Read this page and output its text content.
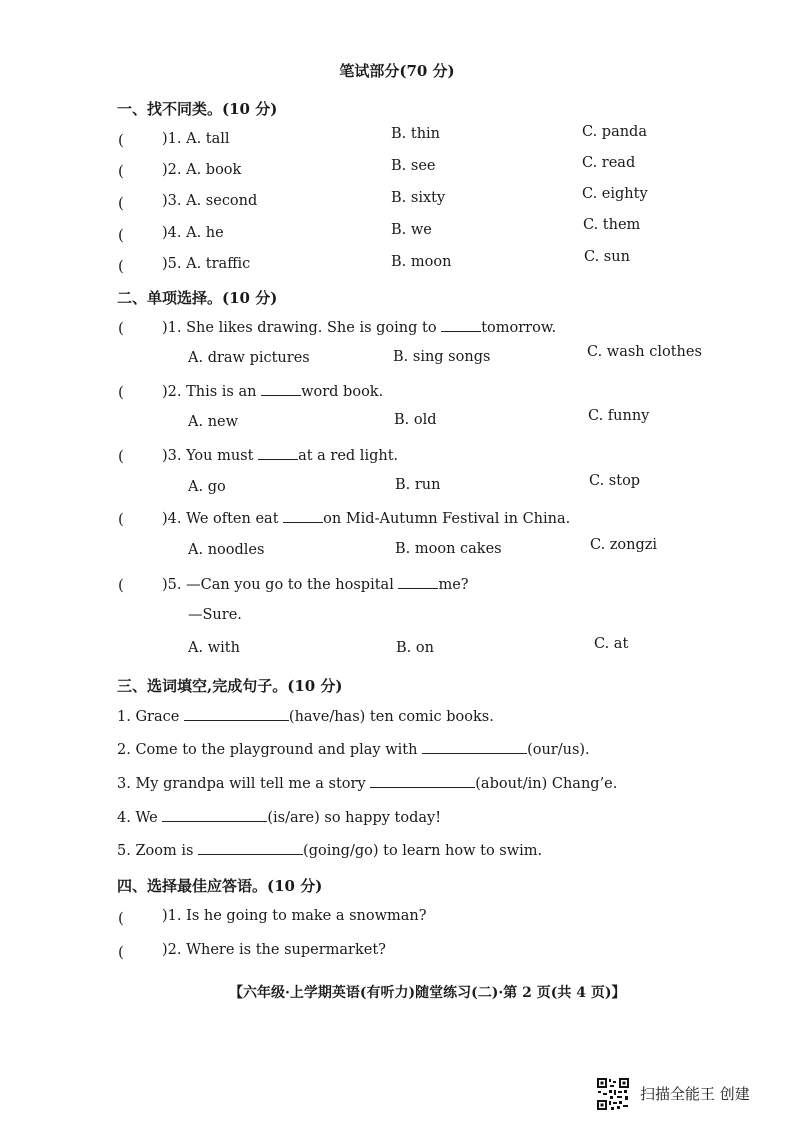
笔试部分(70 分)
一、找不同类。(10 分)
(	)1. A. tall	B. thin	C. panda
(	)2. A. book	B. see	C. read
(	)3. A. second	B. sixty	C. eighty
(	)4. A. he	B. we	C. them
(	)5. A. traffic	B. moon	C. sun
二、单项选择。(10 分)
(	)1. She likes drawing. She is going to	tomorrow.
A. draw pictures	B. sing songs	C. wash clothes
(	)2. This is an	word book.
A. new	B. old	C. funny
(	)3. You must	at a red light.
A. go	B. run	C. stop
(	)4. We often eat	on Mid-Autumn Festival in China.
A. noodles	B. moon cakes	C. zongzi
(	)5. —Can you go to the hospital	me?
—Sure.
A. with	B. on	C. at
三、选词填空,完成句子。(10 分)
1. Grace	(have/has) ten comic books.
2. Come to the playground and play with	(our/us).
3. My grandpa will tell me a story	(about/in) Chang’e.
4. We	(is/are) so happy today!
5. Zoom is	(going/go) to learn how to swim.
四、选择最佳应答语。(10 分)
(	)1. Is he going to make a snowman?
(	)2. Where is the supermarket?
【六年级·上学期英语(有听力)随堂练习(二)·第 2 页(共 4 页)】
扫描全能王 创建
